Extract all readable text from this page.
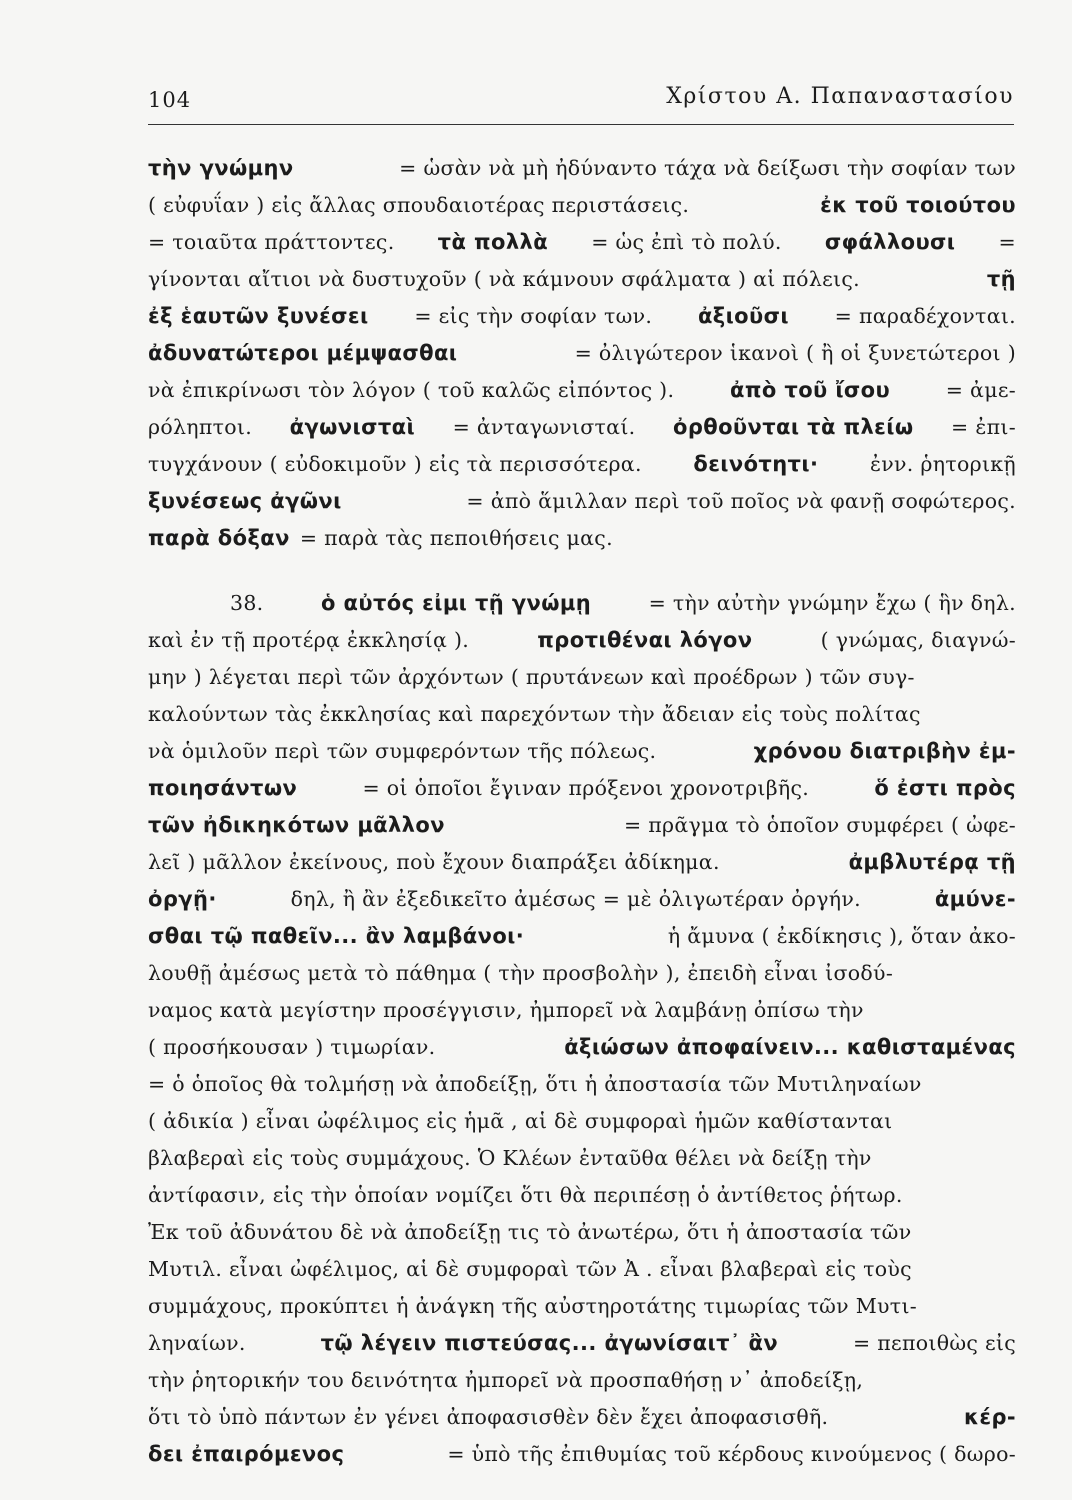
104	Χρίστου Α. Παπαναστασίου
τὴν γνώμην	= ὡσὰν νὰ μὴ ἠδύναντο τάχα νὰ δείξωσι τὴν σοφίαν των
( εὐφυΐαν ) εἰς ἄλλας σπουδαιοτέρας περιστάσεις.	ἐκ τοῦ τοιούτου
= τοιαῦτα πράττοντες. τὰ πολλὰ = ὡς ἐπὶ τὸ πολύ. σφάλλουσι =
γίνονται αἴτιοι νὰ δυστυχοῦν ( νὰ κάμνουν σφάλματα ) αἱ πόλεις.	τῇ
ἐξ ἑαυτῶν ξυνέσει = εἰς τὴν σοφίαν των. ἀξιοῦσι = παραδέχονται.
ἀδυνατώτεροι μέμψασθαι	= ὀλιγώτερον ἱκανοὶ ( ἢ οἱ ξυνετώτεροι )
νὰ ἐπικρίνωσι τὸν λόγον ( τοῦ καλῶς εἰπόντος ).	ἀπὸ τοῦ ἴσου	= ἀμε-
ρόληπτοι. ἀγωνισταὶ = ἀνταγωνισταί. ὀρθοῦνται τὰ πλείω = ἐπι-
τυγχάνουν ( εὐδοκιμοῦν ) εἰς τὰ περισσότερα. δεινότητι·	ἐνν. ῥητορικῇ
ξυνέσεως ἀγῶνι	= ἀπὸ ἅμιλλαν περὶ τοῦ ποῖος νὰ φανῇ σοφώτερος.
παρὰ δόξαν = παρὰ τὰς πεποιθήσεις μας.
38.	ὁ αὐτός εἰμι τῇ γνώμῃ	= τὴν αὐτὴν γνώμην ἔχω ( ἣν δηλ.
καὶ ἐν τῇ προτέρᾳ ἐκκλησίᾳ ).	προτιθέναι λόγον	( γνώμας, διαγνώ-
μην ) λέγεται περὶ τῶν ἀρχόντων ( πρυτάνεων καὶ προέδρων ) τῶν συγ-
καλούντων τὰς ἐκκλησίας καὶ παρεχόντων τὴν ἄδειαν εἰς τοὺς πολίτας
νὰ ὁμιλοῦν περὶ τῶν συμφερόντων τῆς πόλεως.	χρόνου διατριβὴν ἐμ-
ποιησάντων	= οἱ ὁποῖοι ἔγιναν πρόξενοι χρονοτριβῆς.	ὅ ἐστι πρὸς
τῶν ἠδικηκότων μᾶλλον	= πρᾶγμα τὸ ὁποῖον συμφέρει ( ὠφε-
λεῖ ) μᾶλλον ἐκείνους, ποὺ ἔχουν διαπράξει ἀδίκημα.	ἀμβλυτέρᾳ τῇ
ὀργῇ·	δηλ, ἢ ἂν ἐξεδικεῖτο ἀμέσως = μὲ ὀλιγωτέραν ὀργήν.	ἀμύνε-
σθαι τῷ παθεῖν... ἂν λαμβάνοι·	ἡ ἄμυνα ( ἐκδίκησις ), ὅταν ἀκο-
λουθῇ ἀμέσως μετὰ τὸ πάθημα ( τὴν προσβολὴν ), ἐπειδὴ εἶναι ἰσοδύ-
ναμος κατὰ μεγίστην προσέγγισιν, ἠμπορεῖ νὰ λαμβάνῃ ὀπίσω τὴν
( προσήκουσαν ) τιμωρίαν.	ἀξιώσων ἀποφαίνειν... καθισταμένας
= ὁ ὁποῖος θὰ τολμήσῃ νὰ ἀποδείξῃ, ὅτι ἡ ἀποστασία τῶν Μυτιληναίων
( ἀδικία ) εἶναι ὠφέλιμος εἰς ἡμᾶ , αἱ δὲ συμφοραὶ ἡμῶν καθίστανται
βλαβεραὶ εἰς τοὺς συμμάχους. Ὁ Κλέων ἐνταῦθα θέλει νὰ δείξῃ τὴν
ἀντίφασιν, εἰς τὴν ὁποίαν νομίζει ὅτι θὰ περιπέσῃ ὁ ἀντίθετος ῥήτωρ.
Ἐκ τοῦ ἀδυνάτου δὲ νὰ ἀποδείξῃ τις τὸ ἀνωτέρω, ὅτι ἡ ἀποστασία τῶν
Μυτιλ. εἶναι ὠφέλιμος, αἱ δὲ συμφοραὶ τῶν Ἀ . εἶναι βλαβεραὶ εἰς τοὺς
συμμάχους, προκύπτει ἡ ἀνάγκη τῆς αὐστηροτάτης τιμωρίας τῶν Μυτι-
ληναίων.	τῷ λέγειν πιστεύσας... ἀγωνίσαιτ᾽ ἂν	= πεποιθὼς εἰς
τὴν ῥητορικήν του δεινότητα ἠμπορεῖ νὰ προσπαθήσῃ ν᾽ ἀποδείξῃ,
ὅτι τὸ ὑπὸ πάντων ἐν γένει ἀποφασισθὲν δὲν ἔχει ἀποφασισθῆ.	κέρ-
δει ἐπαιρόμενος	= ὑπὸ τῆς ἐπιθυμίας τοῦ κέρδους κινούμενος ( δωρο-
